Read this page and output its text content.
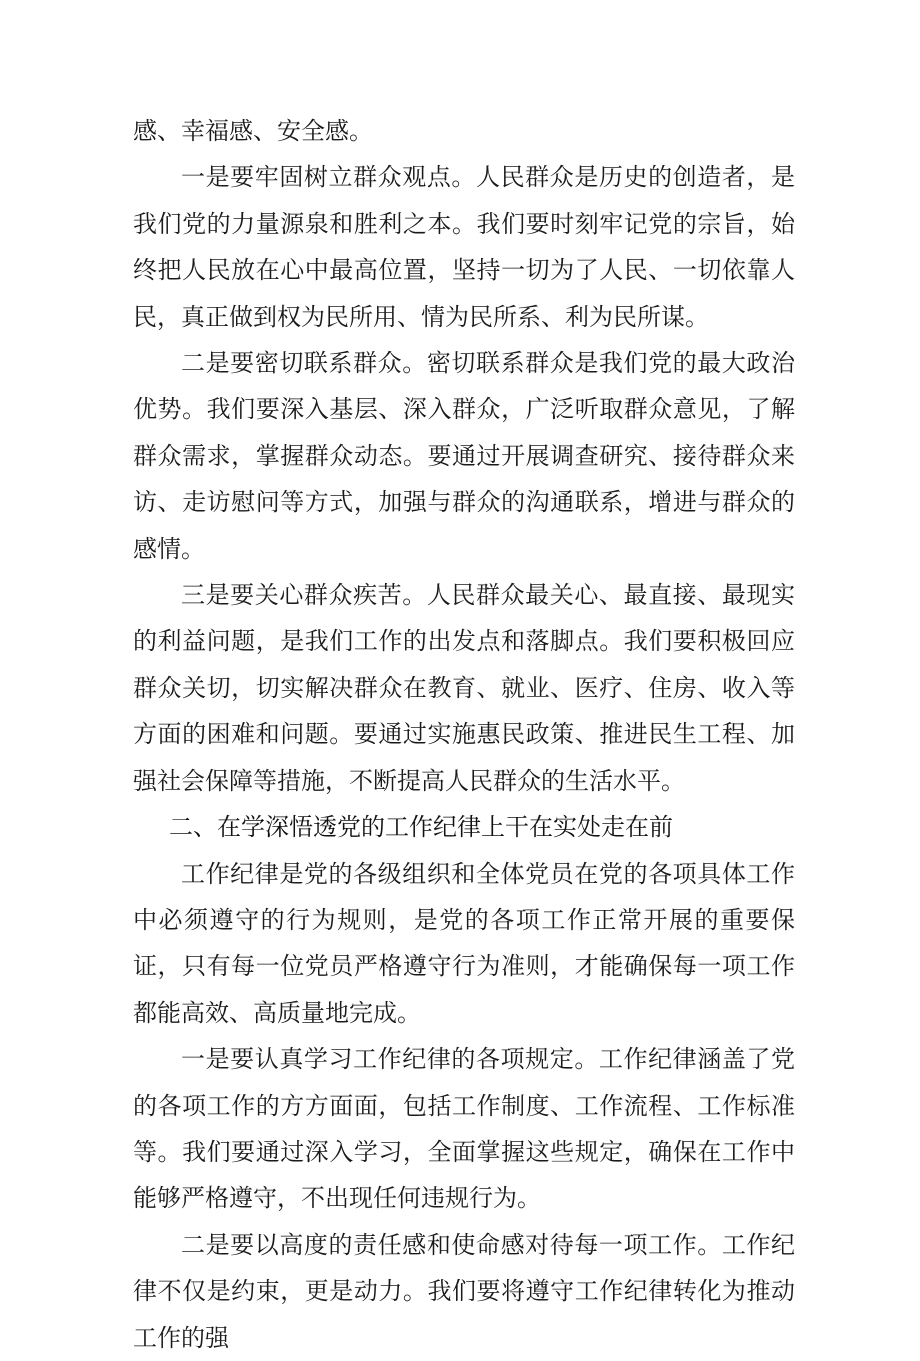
感、幸福感、安全感。

一是要牢固树立群众观点。人民群众是历史的创造者，是我们党的力量源泉和胜利之本。我们要时刻牢记党的宗旨，始终把人民放在心中最高位置，坚持一切为了人民、一切依靠人民，真正做到权为民所用、情为民所系、利为民所谋。

二是要密切联系群众。密切联系群众是我们党的最大政治优势。我们要深入基层、深入群众，广泛听取群众意见，了解群众需求，掌握群众动态。要通过开展调查研究、接待群众来访、走访慰问等方式，加强与群众的沟通联系，增进与群众的感情。

三是要关心群众疾苦。人民群众最关心、最直接、最现实的利益问题，是我们工作的出发点和落脚点。我们要积极回应群众关切，切实解决群众在教育、就业、医疗、住房、收入等方面的困难和问题。要通过实施惠民政策、推进民生工程、加强社会保障等措施，不断提高人民群众的生活水平。

二、在学深悟透党的工作纪律上干在实处走在前

工作纪律是党的各级组织和全体党员在党的各项具体工作中必须遵守的行为规则，是党的各项工作正常开展的重要保证，只有每一位党员严格遵守行为准则，才能确保每一项工作都能高效、高质量地完成。

一是要认真学习工作纪律的各项规定。工作纪律涵盖了党的各项工作的方方面面，包括工作制度、工作流程、工作标准等。我们要通过深入学习，全面掌握这些规定，确保在工作中能够严格遵守，不出现任何违规行为。

二是要以高度的责任感和使命感对待每一项工作。工作纪律不仅是约束，更是动力。我们要将遵守工作纪律转化为推动工作的强
